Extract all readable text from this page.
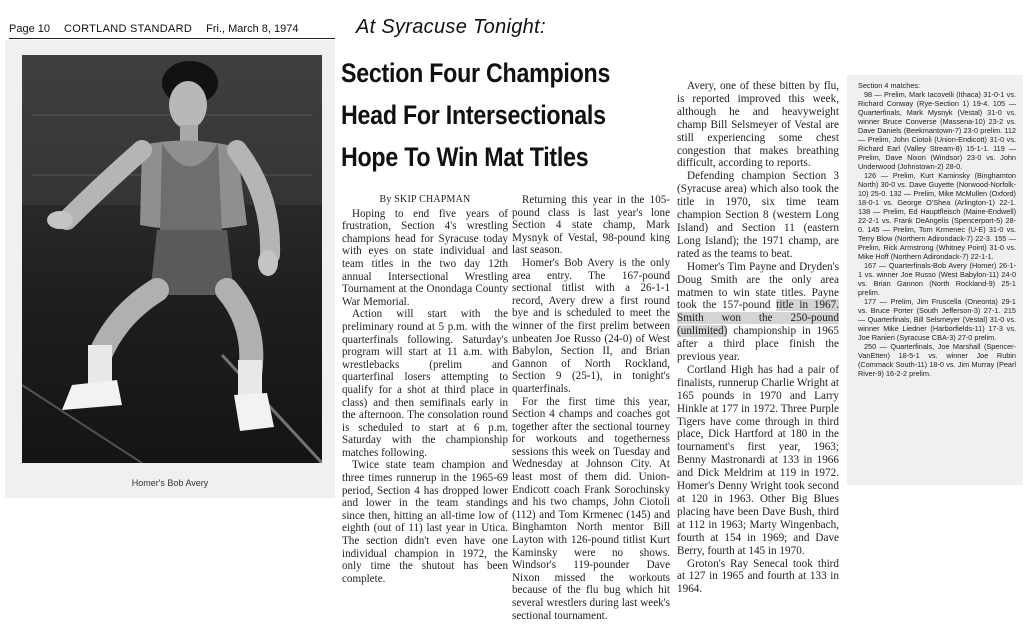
Page 10 CORTLAND STANDARD Fri., March 8, 1974
Homer's Bob Avery
At Syracuse Tonight:
Section Four Champions
Head For Intersectionals
Hope To Win Mat Titles

By SKIP CHAPMAN

Hoping to end five years of frustration, Section 4's wrestling champions head for Syracuse today with eyes on state individual and team titles in the two day 12th annual Intersectional Wrestling Tournament at the Onondaga County War Memorial.

Action will start with the preliminary round at 5 p.m. with the quarterfinals following. Saturday's program will start at 11 a.m. with wrestlebacks (prelim and quarterfinal losers attempting to qualify for a shot at third place in class) and then semifinals early in the afternoon. The consolation round is scheduled to start at 6 p.m. Saturday with the championship matches following.

Twice state team champion and three times runnerup in the 1965-69 period, Section 4 has dropped lower and lower in the team standings since then, hitting an all-time low of eighth (out of 11) last year in Utica. The section didn't even have one individual champion in 1972, the only time the shutout has been complete.

Returning this year in the 105-pound class is last year's lone Section 4 state champ, Mark Mysnyk of Vestal, 98-pound king last season.

Homer's Bob Avery is the only area entry. The 167-pound sectional titlist with a 26-1-1 record, Avery drew a first round bye and is scheduled to meet the winner of the first prelim between unbeaten Joe Russo (24-0) of West Babylon, Section II, and Brian Gannon of North Rockland, Section 9 (25-1), in tonight's quarterfinals.

For the first time this year, Section 4 champs and coaches got together after the sectional tourney for workouts and togetherness sessions this week on Tuesday and Wednesday at Johnson City. At least most of them did. Union-Endicott coach Frank Sorochinsky and his two champs, John Ciotoli (112) and Tom Krmenec (145) and Binghamton North mentor Bill Layton with 126-pound titlist Kurt Kaminsky were no shows. Windsor's 119-pounder Dave Nixon missed the workouts because of the flu bug which hit several wrestlers during last week's sectional tournament.

Avery, one of these bitten by flu, is reported improved this week, although he and heavyweight champ Bill Selsmeyer of Vestal are still experiencing some chest congestion that makes breathing difficult, according to reports.

Defending champion Section 3 (Syracuse area) which also took the title in 1970, six time team champion Section 8 (western Long Island) and Section 11 (eastern Long Island); the 1971 champ, are rated as the teams to beat.

Homer's Tim Payne and Dryden's Doug Smith are the only area matmen to win state titles. Payne took the 157-pound title in 1967. Smith won the 250-pound (unlimited) championship in 1965 after a third place finish the previous year.

Cortland High has had a pair of finalists, runnerup Charlie Wright at 165 pounds in 1970 and Larry Hinkle at 177 in 1972. Three Purple Tigers have come through in third place, Dick Hartford at 180 in the tournament's first year, 1963; Benny Mastronardi at 133 in 1966 and Dick Meldrim at 119 in 1972. Homer's Denny Wright took second at 120 in 1963. Other Big Blues placing have been Dave Bush, third at 112 in 1963; Marty Wingenbach, fourth at 154 in 1969; and Dave Berry, fourth at 145 in 1970.

Groton's Ray Senecal took third at 127 in 1965 and fourth at 133 in 1964.

Section 4 matches:

98 — Prelim, Mark Iacovelli (Ithaca) 31-0-1 vs. Richard Conway (Rye-Section 1) 19-4. 105 — Quarterfinals, Mark Mysnyk (Vestal) 31-0 vs. winner Bruce Converse (Massena-10) 23-2 vs. Dave Daniels (Beekmantown-7) 23-0 prelim. 112 — Prelim, John Ciotoli (Union-Endicott) 31-0 vs. Richard Earl (Valley Stream-8) 15-1-1. 119 — Prelim, Dave Nixon (Windsor) 23-0 vs. John Underwood (Johnstown-2) 28-0.

126 — Prelim, Kurt Kaminsky (Binghamton North) 30-0 vs. Dave Guyette (Norwood-Norfolk-10) 25-0. 132 — Prelim, Mike McMullen (Oxford) 18-0-1 vs. George O'Shea (Arlington-1) 22-1. 138 — Prelim, Ed Hauptfleisch (Maine-Endwell) 22-2-1 vs. Frank DeAngelis (Spencerport-5) 28-0. 145 — Prelim, Tom Krmenec (U-E) 31-0 vs. Terry Blow (Northern Adirondack-7) 22-3. 155 — Prelim, Rick Armstrong (Whitney Point) 31-0 vs. Mike Hoff (Northern Adirondack-7) 22-1-1.

167 — Quarterfinals-Bob Avery (Homer) 26-1-1 vs. winner Joe Russo (West Babylon-11) 24-0 vs. Brian Gannon (North Rockland-9) 25-1 prelim.

177 — Prelim, Jim Fruscella (Oneonta) 29-1 vs. Bruce Porter (South Jefferson-3) 27-1. 215 — Quarterfinals, Bill Selsmeyer (Vestal) 31-0 vs. winner Mike Liedner (Harborfields-11) 17-3 vs. Joe Ranieri (Syracuse CBA-3) 27-0 prelim.

250 — Quarterfinals, Joe Marshall (Spencer-VanEtten) 18-5-1 vs. winner Joe Rubin (Commack South-11) 18-0 vs. Jim Murray (Pearl River-9) 16-2-2 prelim.
